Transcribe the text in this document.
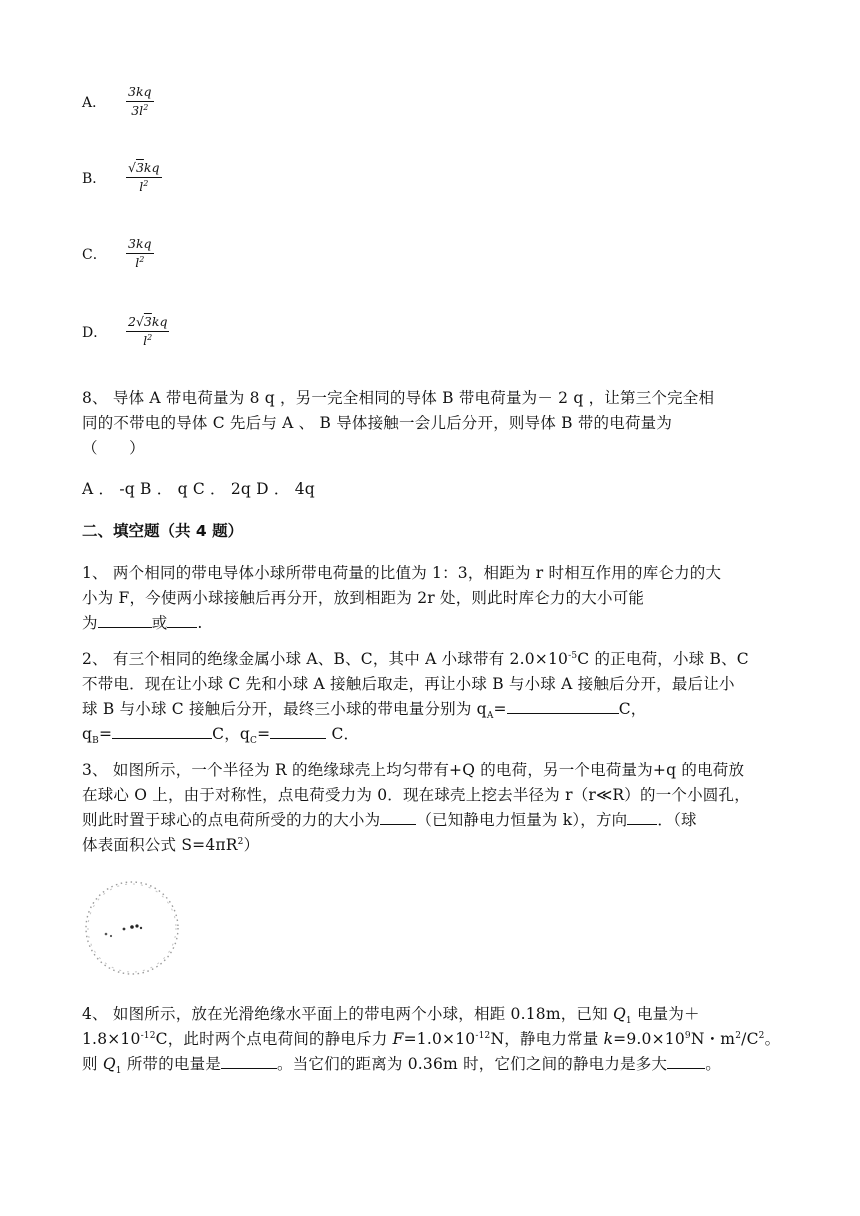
A．	$\frac{3kq}{3l^2}$
B．	$\frac{√3kq}{l^2}$
C．	$\frac{3kq}{l^2}$
D．	$\frac{2√3kq}{l^2}$
8、 导体 A 带电荷量为 8 q ，另一完全相同的导体 B 带电荷量为－ 2 q ，让第三个完全相
同的不带电的导体 C 先后与 A 、 B 导体接触一会儿后分开，则导体 B 带的电荷量为
（　　）
A ． -q B ． q C ． 2q D ． 4q
二、填空题（共 4 题）
1、 两个相同的带电导体小球所带电荷量的比值为 1：3，相距为 r 时相互作用的库仑力的大
小为 F，今使两小球接触后再分开，放到相距为 2r 处，则此时库仑力的大小可能
为	或 .
2、 有三个相同的绝缘金属小球 A、B、C，其中 A 小球带有 $2.0\times 10^{-5}C$ 的正电荷，小球 B、C
不带电．现在让小球 C 先和小球 A 接触后取走，再让小球 B 与小球 A 接触后分开，最后让小
球 B 与小球 C 接触后分开，最终三小球的带电量分别为 $q_A=$	C，
$q_B=$	C，$q_C=$	C．
3、 如图所示，一个半径为 R 的绝缘球壳上均匀带有+Q 的电荷，另一个电荷量为+q 的电荷放
在球心 O 上，由于对称性，点电荷受力为 0．现在球壳上挖去半径为 r（r≪R）的一个小圆孔，
则此时置于球心的点电荷所受的力的大小为 （已知静电力恒量为 k），方向 ．（球
体表面积公式 $S=4\pi R^2$）
4、 如图所示，放在光滑绝缘水平面上的带电两个小球，相距 0.18m，已知 $Q_1$ 电量为＋
$1.8\times 10^{-12}C$，此时两个点电荷间的静电斥力 $F=1.0\times 10^{-12}N$，静电力常量 $k=9.0\times 10^9N$・$m^2/C^2$。
则 $Q_1$ 所带的电量是	。当它们的距离为 0.36m 时，它们之间的静电力是多大 。
